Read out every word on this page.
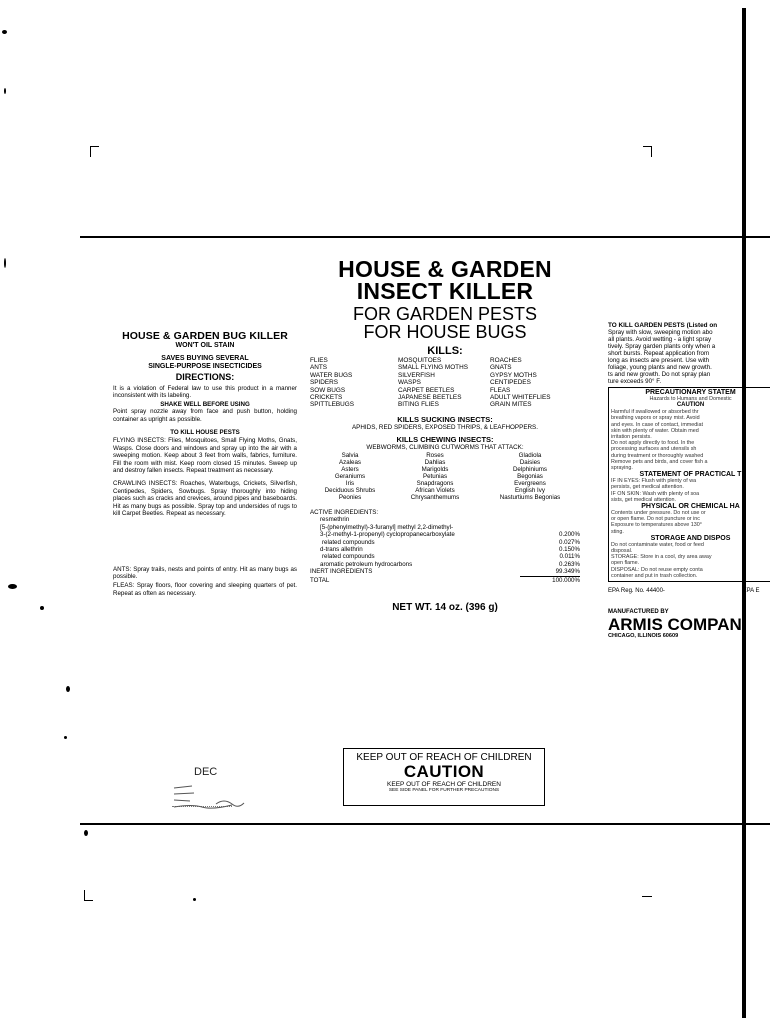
HOUSE & GARDEN BUG KILLER
WON'T OIL STAIN
SAVES BUYING SEVERAL
SINGLE-PURPOSE INSECTICIDES
DIRECTIONS:

It is a violation of Federal law to use this product in a manner inconsistent with its labeling.

SHAKE WELL BEFORE USING

Point spray nozzle away from face and push button, holding container as upright as possible.

TO KILL HOUSE PESTS

FLYING INSECTS: Flies, Mosquitoes, Small Flying Moths, Gnats, Wasps. Close doors and windows and spray up into the air with a sweeping motion. Keep about 3 feet from walls, fabrics, furniture. Fill the room with mist. Keep room closed 15 minutes. Sweep up and destroy fallen insects. Repeat treatment as necessary.

CRAWLING INSECTS: Roaches, Waterbugs, Crickets, Silverfish, Centipedes, Spiders, Sowbugs. Spray thoroughly into hiding places such as cracks and crevices, around pipes and baseboards. Hit as many bugs as possible. Spray top and undersides of rugs to kill Carpet Beetles. Repeat as necessary.

ANTS: Spray trails, nests and points of entry. Hit as many bugs as possible.

FLEAS: Spray floors, floor covering and sleeping quarters of pet. Repeat as often as necessary.

HOUSE & GARDEN
INSECT KILLER
FOR GARDEN PESTS
FOR HOUSE BUGS
KILLS:
FLIES	MOSQUITOES	ROACHES
ANTS	SMALL FLYING MOTHS	GNATS
WATER BUGS	SILVERFISH	GYPSY MOTHS
SPIDERS	WASPS	CENTIPEDES
SOW BUGS	CARPET BEETLES	FLEAS
CRICKETS	JAPANESE BEETLES	ADULT WHITEFLIES
SPITTLEBUGS	BITING FLIES	GRAIN MITES
KILLS SUCKING INSECTS:
APHIDS, RED SPIDERS, EXPOSED THRIPS, & LEAFHOPPERS.
KILLS CHEWING INSECTS:
WEBWORMS, CLIMBING CUTWORMS THAT ATTACK:
Salvia	Roses	Gladiola
Azaleas	Dahlias	Daisies
Asters	Marigolds	Delphiniums
Geraniums	Petunias	Begonias
Iris	Snapdragons	Evergreens
Deciduous Shrubs	African Violets	English Ivy
Peonies	Chrysanthemums	Nasturtiums Begonias
ACTIVE INGREDIENTS:
resmethrin
[5-(phenylmethyl)-3-furanyl] methyl 2,2-dimethyl-
3-(2-methyl-1-propenyl) cyclopropanecarboxylate	0.200%
related compounds	0.027%
d-trans allethrin	0.150%
related compounds	0.011%
aromatic petroleum hydrocarbons	0.263%
INERT INGREDIENTS	99.349%
TOTAL	100.000%
NET WT. 14 oz. (396 g)
KEEP OUT OF REACH OF CHILDREN
CAUTION
KEEP OUT OF REACH OF CHILDREN
SEE SIDE PANEL FOR FURTHER PRECAUTIONS
TO KILL GARDEN PESTS (Listed on
Spray with slow, sweeping motion abo
all plants. Avoid wetting - a light spray
tively. Spray garden plants only when a
short bursts. Repeat application from
long as insects are present. Use with
foliage, young plants and new growth.
ts and new growth. Do not spray plan
ture exceeds 90° F.
PRECAUTIONARY STATEM
Hazards to Humans and Domestic
CAUTION
Harmful if swallowed or absorbed thr
breathing vapors or spray mist. Avoid
and eyes. In case of contact, immediat
skin with plenty of water. Obtain med
irritation persists.
Do not apply directly to food. In the
processing surfaces and utensils sh
during treatment or thoroughly washed
Remove pets and birds, and cover fish a
spraying.
STATEMENT OF PRACTICAL T
IF IN EYES: Flush with plenty of wa
persists, get medical attention.
IF ON SKIN: Wash with plenty of soa
sists, get medical attention.
PHYSICAL OR CHEMICAL HA
Contents under pressure. Do not use or
or open flame. Do not puncture or inc
Exposure to temperatures above 130°
sting.
STORAGE AND DISPOS
Do not contaminate water, food or feed
disposal.
STORAGE: Store in a cool, dry area away
open flame.
DISPOSAL: Do not reuse empty conta
container and put in trash collection.
EPA Reg. No. 44400-	EPA E
MANUFACTURED BY
ARMIS COMPAN
CHICAGO, ILLINOIS 60609
DEC
